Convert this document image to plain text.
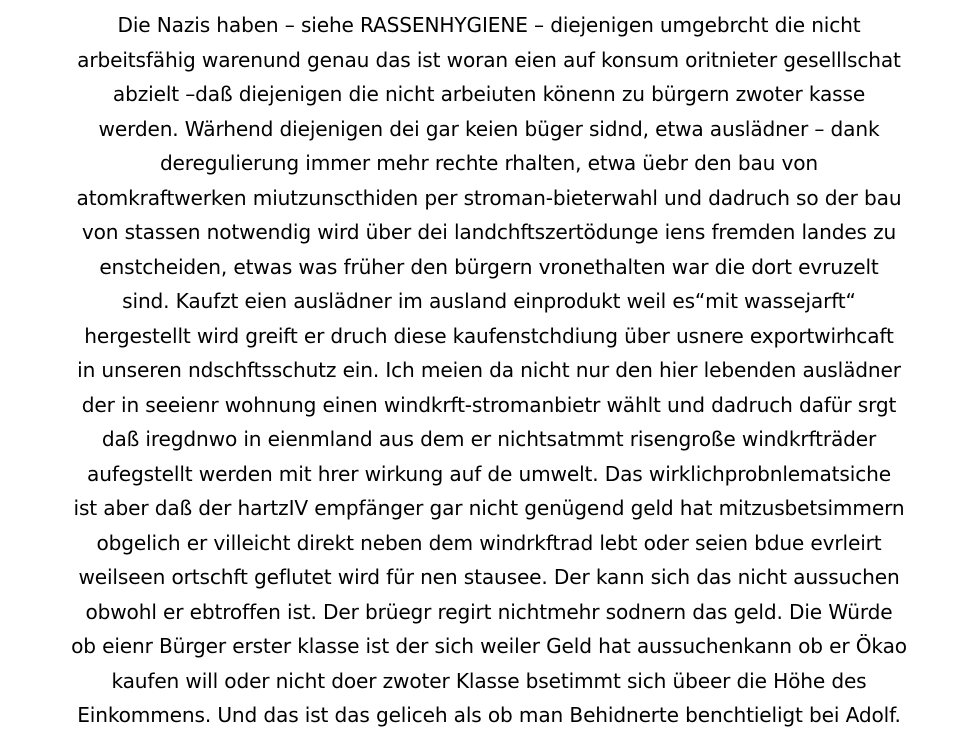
Die Nazis haben – siehe RASSENHYGIENE – diejenigen umgebrcht die nicht
arbeitsfähig warenund genau das ist woran eien auf konsum oritnieter geselllschat
abzielt –daß diejenigen die nicht arbeiuten könenn zu bürgern zwoter kasse
werden. Wärhend diejenigen dei gar keien büger sidnd, etwa auslädner – dank
deregulierung immer mehr rechte rhalten, etwa üebr den bau von
atomkraftwerken miutzunscthiden per stroman-bieterwahl und dadruch so der bau
von stassen notwendig wird über dei landchftszertödunge iens fremden landes zu
enstcheiden, etwas was früher den bürgern vronethalten war die dort evruzelt
sind. Kaufzt eien auslädner im ausland einprodukt weil es“mit wassejarft“
hergestellt wird greift er druch diese kaufenstchdiung über usnere exportwirhcaft
in unseren ndschftsschutz ein. Ich meien da nicht nur den hier lebenden auslädner
der in seeienr wohnung einen windkrft-stromanbietr wählt und dadruch dafür srgt
daß iregdnwo in eienmland aus dem er nichtsatmmt risengroße windkrfträder
aufegstellt werden mit hrer wirkung auf de umwelt. Das wirklichprobnlematsiche
ist aber daß der hartzIV empfänger gar nicht genügend geld hat mitzusbetsimmern
obgelich er villeicht direkt neben dem windrkftrad lebt oder seien bdue evrleirt
weilseen ortschft geflutet wird für nen stausee. Der kann sich das nicht aussuchen
obwohl er ebtroffen ist. Der brüegr regirt nichtmehr sodnern das geld. Die Würde
ob eienr Bürger erster klasse ist der sich weiler Geld hat aussuchenkann ob er Ökao
kaufen will oder nicht doer zwoter Klasse bsetimmt sich übeer die Höhe des
Einkommens. Und das ist das geliceh als ob man Behidnerte benchtieligt bei Adolf.
